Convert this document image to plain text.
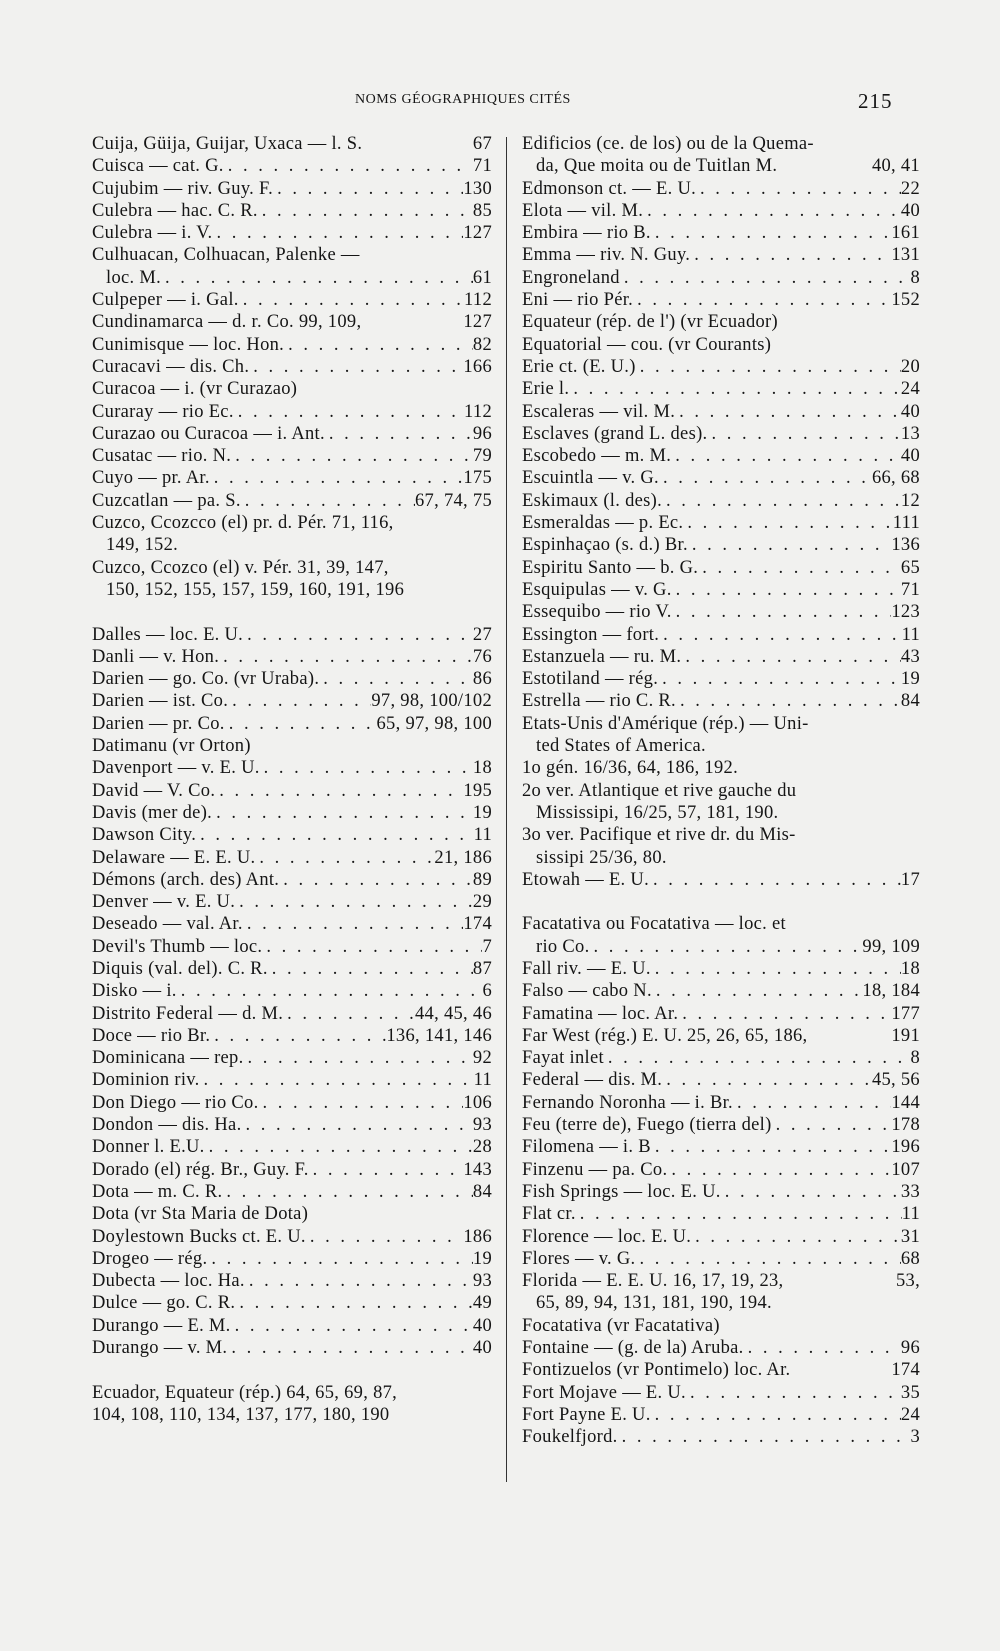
NOMS GÉOGRAPHIQUES CITÉS	215
Cuija, Güija, Guijar, Uxaca — l. S.	67
Cuisca — cat. G. . . .	71
Cujubim — riv. Guy. F. . . .	130
Culebra — hac. C. R. . . .	85
Culebra — i. V. . . .	127
Culhuacan, Colhuacan, Palenke —
loc. M. . . .	61
Culpeper — i. Gal. . . .	112
Cundinamarca — d. r. Co. 99, 109,	127
Cunimisque — loc. Hon. . . .	82
Curacavi — dis. Ch. . . .	166
Curacoa — i. (vr Curazao)
Curaray — rio Ec. . . .	112
Curazao ou Curacoa — i. Ant. . . .	96
Cusatac — rio. N. . . .	79
Cuyo — pr. Ar. . . .	175
Cuzcatlan — pa. S. . . .	67, 74, 75
Cuzco, Ccozcco (el) pr. d. Pér. 71, 116,
149, 152.
Cuzco, Ccozco (el) v. Pér. 31, 39, 147,
150, 152, 155, 157, 159, 160, 191, 196
Dalles — loc. E. U. . . .	27
Danli — v. Hon. . . .	76
Darien — go. Co. (vr Uraba). . . .	86
Darien — ist. Co. . . .	97, 98, 100/102
Darien — pr. Co. . . .	65, 97, 98, 100
Datimanu (vr Orton)
Davenport — v. E. U. . . .	18
David — V. Co. . . .	195
Davis (mer de). . . .	19
Dawson City. . . .	11
Delaware — E. E. U. . . .	21, 186
Démons (arch. des) Ant. . . .	89
Denver — v. E. U. . . .	29
Deseado — val. Ar. . . .	174
Devil's Thumb — loc. . . .	7
Diquis (val. del). C. R. . . .	87
Disko — i. . . .	6
Distrito Federal — d. M. . . .	44, 45, 46
Doce — rio Br. . . .	136, 141, 146
Dominicana — rep. . . .	92
Dominion riv. . . .	11
Don Diego — rio Co. . . .	106
Dondon — dis. Ha. . . .	93
Donner l. E.U. . . .	28
Dorado (el) rég. Br., Guy. F. . . .	143
Dota — m. C. R. . . .	84
Dota (vr Sta Maria de Dota)
Doylestown Bucks ct. E. U. . . .	186
Drogeo — rég. . . .	19
Dubecta — loc. Ha. . . .	93
Dulce — go. C. R. . . .	49
Durango — E. M. . . .	40
Durango — v. M. . . .	40
Ecuador, Equateur (rép.) 64, 65, 69, 87,
104, 108, 110, 134, 137, 177, 180, 190
Edificios (ce. de los) ou de la Quema-
da, Que moita ou de Tuitlan M.	40, 41
Edmonson ct. — E. U. . . .	22
Elota — vil. M. . . .	40
Embira — rio B. . . .	161
Emma — riv. N. Guy. . . .	131
Engroneland . . .	8
Eni — rio Pér. . . .	152
Equateur (rép. de l') (vr Ecuador)
Equatorial — cou. (vr Courants)
Erie ct. (E. U.) . . .	20
Erie l. . . .	24
Escaleras — vil. M. . . .	40
Esclaves (grand L. des). . . .	13
Escobedo — m. M. . . .	40
Escuintla — v. G. . . .	66, 68
Eskimaux (l. des). . . .	12
Esmeraldas — p. Ec. . . .	111
Espinhaçao (s. d.) Br. . . .	136
Espiritu Santo — b. G. . . .	65
Esquipulas — v. G. . . .	71
Essequibo — rio V. . . .	123
Essington — fort. . . .	11
Estanzuela — ru. M. . . .	43
Estotiland — rég. . . .	19
Estrella — rio C. R. . . .	84
Etats-Unis d'Amérique (rép.) — Uni-
ted States of America.
1o gén. 16/36, 64, 186, 192.
2o ver. Atlantique et rive gauche du
Mississipi, 16/25, 57, 181, 190.
3o ver. Pacifique et rive dr. du Mis-
sissipi 25/36, 80.
Etowah — E. U. . . .	17
Facatativa ou Focatativa — loc. et
rio Co. . . .	99, 109
Fall riv. — E. U. . . .	18
Falso — cabo N. . . .	18, 184
Famatina — loc. Ar. . . .	177
Far West (rég.) E. U. 25, 26, 65, 186,	191
Fayat inlet . . .	8
Federal — dis. M. . . .	45, 56
Fernando Noronha — i. Br. . . .	144
Feu (terre de), Fuego (tierra del) . . .	178
Filomena — i. B . . .	196
Finzenu — pa. Co. . . .	107
Fish Springs — loc. E. U. . . .	33
Flat cr. . . .	11
Florence — loc. E. U. . . .	31
Flores — v. G. . . .	68
Florida — E. E. U. 16, 17, 19, 23,	53,
65, 89, 94, 131, 181, 190, 194.
Focatativa (vr Facatativa)
Fontaine — (g. de la) Aruba. . . .	96
Fontizuelos (vr Pontimelo) loc. Ar.	174
Fort Mojave — E. U. . . .	35
Fort Payne E. U. . . .	24
Foukelfjord. . . .	3
